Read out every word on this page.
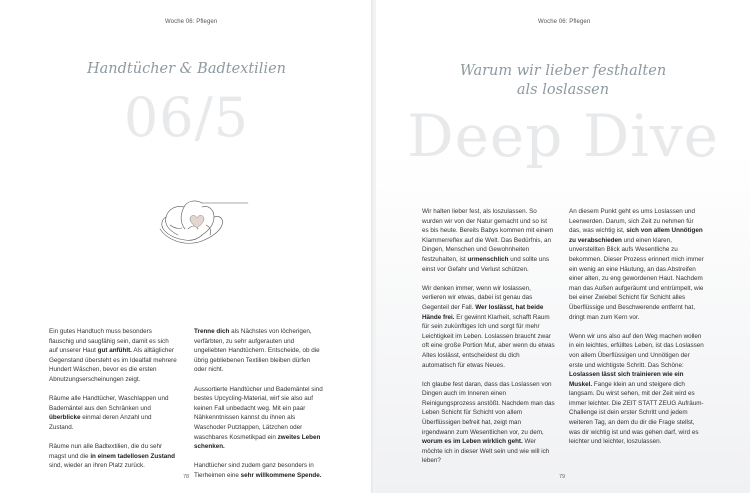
Woche 06: Pflegen
06/5
Handtücher & Badtextilien

Ein gutes Handtuch muss besonders flauschig und saugfähig sein, damit es sich auf unserer Haut gut anfühlt. Als alltäglicher Gegenstand übersteht es im Idealfall mehrere Hundert Wäschen, bevor es die ersten Abnutzungserscheinungen zeigt.

Räume alle Handtücher, Waschlappen und Bademäntel aus den Schränken und überblicke einmal deren Anzahl und Zustand.

Räume nun alle Badtextilien, die du sehr magst und die in einem tadellosen Zustand sind, wieder an ihren Platz zurück.

Trenne dich als Nächstes von löcherigen, verfärbten, zu sehr aufgerauten und ungeliebten Handtüchern. Entscheide, ob die übrig gebliebenen Textilien bleiben dürfen oder nicht.

Aussortierte Handtücher und Bademäntel sind bestes Upcycling-Material, wirf sie also auf keinen Fall unbedacht weg. Mit ein paar Nähkenntnissen kannst du ihnen als Waschoder Putzlappen, Lätzchen oder waschbares Kosmetikpad ein zweites Leben schenken.

Handtücher sind zudem ganz besonders in Tierheimen eine sehr willkommene Spende.

78
Woche 06: Pflegen
Deep Dive
Warum wir lieber festhalten
als loslassen

Wir halten lieber fest, als loszulassen. So wurden wir von der Natur gemacht und so ist es bis heute. Bereits Babys kommen mit einem Klammerreflex auf die Welt. Das Bedürfnis, an Dingen, Menschen und Gewohnheiten festzuhalten, ist urmenschlich und sollte uns einst vor Gefahr und Verlust schützen.

Wir denken immer, wenn wir loslassen, verlieren wir etwas, dabei ist genau das Gegenteil der Fall. Wer loslässt, hat beide Hände frei. Er gewinnt Klarheit, schafft Raum für sein zukünftiges Ich und sorgt für mehr Leichtigkeit im Leben. Loslassen braucht zwar oft eine große Portion Mut, aber wenn du etwas Altes loslässt, entscheidest du dich automatisch für etwas Neues.

Ich glaube fest daran, dass das Loslassen von Dingen auch im Inneren einen Reinigungsprozess anstößt. Nachdem man das Leben Schicht für Schicht von allem Überflüssigen befreit hat, zeigt man irgendwann zum Wesentlichen vor, zu dem, worum es im Leben wirklich geht. Wer möchte ich in dieser Welt sein und wie will ich leben?

An diesem Punkt geht es ums Loslassen und Leerwerden. Darum, sich Zeit zu nehmen für das, was wichtig ist, sich von allem Unnötigen zu verabschieden und einen klaren, unverstellten Blick aufs Wesentliche zu bekommen. Dieser Prozess erinnert mich immer ein wenig an eine Häutung, an das Abstreifen einer alten, zu eng gewordenen Haut. Nachdem man das Außen aufgeräumt und entrümpelt, wie bei einer Zwiebel Schicht für Schicht alles Überflüssige und Beschwerende entfernt hat, dringt man zum Kern vor.

Wenn wir uns also auf den Weg machen wollen in ein leichtes, erfülltes Leben, ist das Loslassen von allem Überflüssigen und Unnötigen der erste und wichtigste Schritt. Das Schöne: Loslassen lässt sich trainieren wie ein Muskel. Fange klein an und steigere dich langsam. Du wirst sehen, mit der Zeit wird es immer leichter. Die ZEIT STATT ZEUG Aufräum-Challenge ist dein erster Schritt und jedem weiteren Tag, an dem du dir die Frage stellst, was dir wichtig ist und was gehen darf, wird es leichter und leichter, loszulassen.

79
